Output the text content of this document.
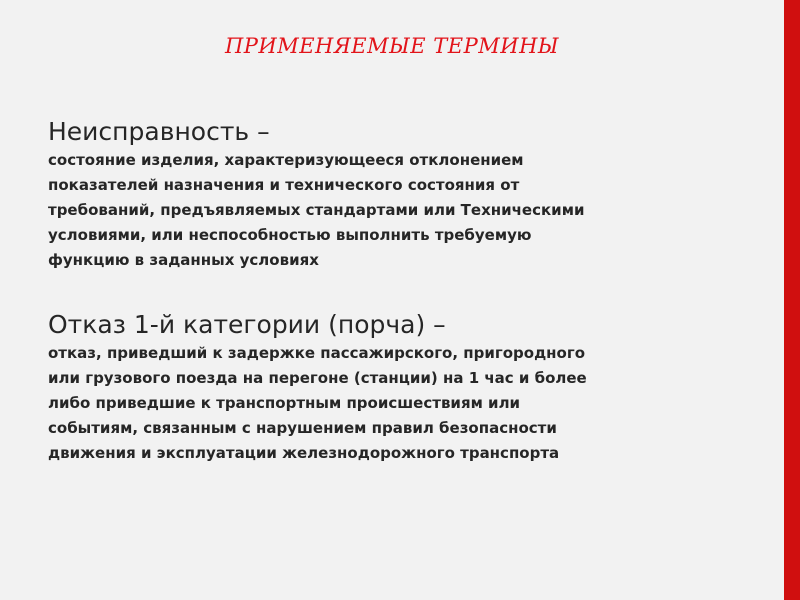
ПРИМЕНЯЕМЫЕ ТЕРМИНЫ
Неисправность –
состояние изделия, характеризующееся отклонением
показателей назначения и технического состояния от
требований, предъявляемых стандартами или Техническими
условиями, или неспособностью выполнить требуемую
функцию в заданных условиях
Отказ 1-й категории (порча) –
отказ, приведший к задержке пассажирского, пригородного
или грузового поезда на перегоне (станции) на 1 час и более
либо приведшие к транспортным происшествиям или
событиям, связанным с нарушением правил безопасности
движения и эксплуатации железнодорожного транспорта
